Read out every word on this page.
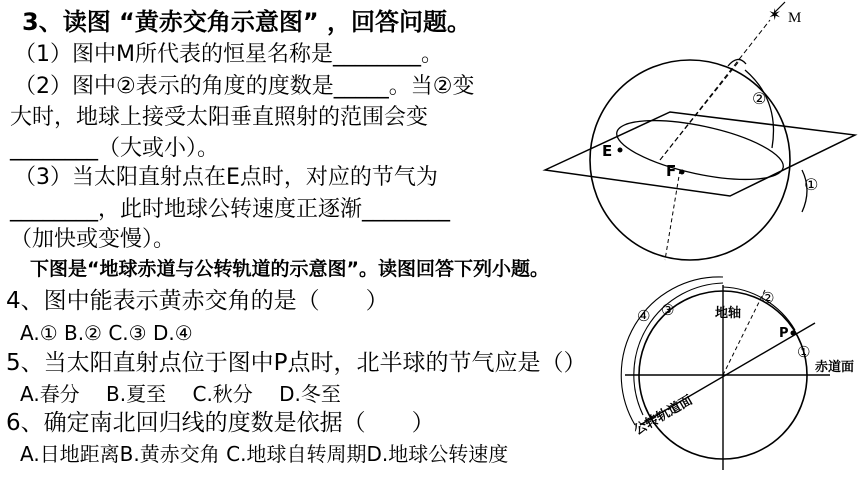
3、读图 “黄赤交角示意图” ，回答问题。
（1）图中M所代表的恒星名称是________。
（2）图中②表示的角度的度数是_____。当②变
大时，地球上接受太阳垂直照射的范围会变
________（大或小）。
（3）当太阳直射点在E点时，对应的节气为
________，此时地球公转速度正逐渐________
（加快或变慢）。
下图是“地球赤道与公转轨道的示意图”。读图回答下列小题。
4、图中能表示黄赤交角的是（　　）
A.① B.② C.③ D.④
5、当太阳直射点位于图中P点时，北半球的节气应是（）
A.春分　 B.夏至　 C.秋分　 D.冬至
6、确定南北回归线的度数是依据（　　）
A.日地距离B.黄赤交角 C.地球自转周期D.地球公转速度
✶ M
②
①
E
F
④ ③
②
①
地轴
P
赤道面
公转轨道面
